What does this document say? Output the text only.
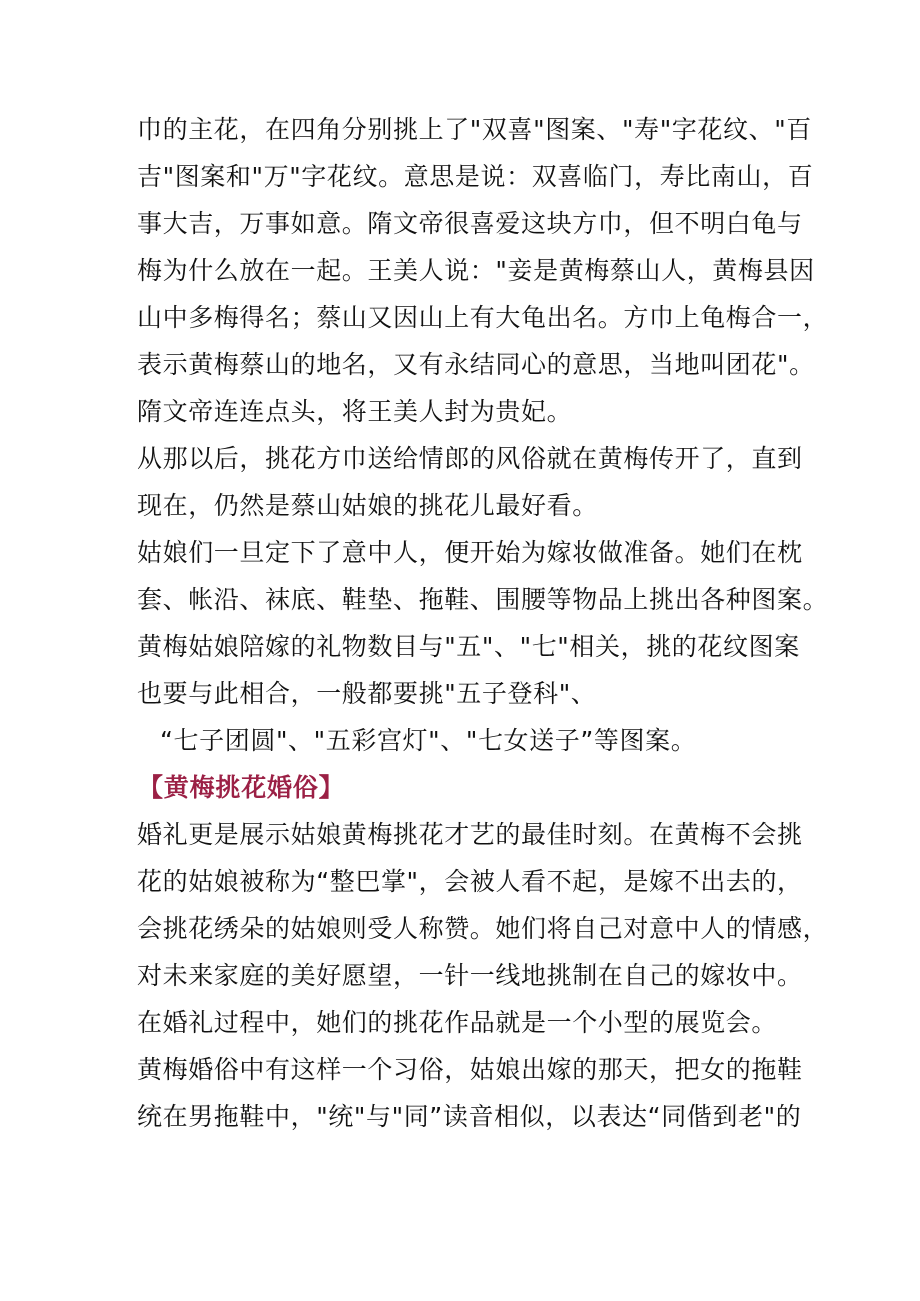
巾的主花，在四角分别挑上了"双喜"图案、"寿"字花纹、"百

吉"图案和"万"字花纹。意思是说：双喜临门，寿比南山，百

事大吉，万事如意。隋文帝很喜爱这块方巾，但不明白龟与

梅为什么放在一起。王美人说："妾是黄梅蔡山人，黄梅县因

山中多梅得名；蔡山又因山上有大龟出名。方巾上龟梅合一，

表示黄梅蔡山的地名，又有永结同心的意思，当地叫团花"。

隋文帝连连点头，将王美人封为贵妃。

从那以后，挑花方巾送给情郎的风俗就在黄梅传开了，直到

现在，仍然是蔡山姑娘的挑花儿最好看。

姑娘们一旦定下了意中人，便开始为嫁妆做准备。她们在枕

套、帐沿、袜底、鞋垫、拖鞋、围腰等物品上挑出各种图案。

黄梅姑娘陪嫁的礼物数目与"五"、"七"相关，挑的花纹图案

也要与此相合，一般都要挑"五子登科"、

“七子团圆"、"五彩宫灯"、"七女送子”等图案。

【黄梅挑花婚俗】

婚礼更是展示姑娘黄梅挑花才艺的最佳时刻。在黄梅不会挑

花的姑娘被称为“整巴掌"，会被人看不起，是嫁不出去的，

会挑花绣朵的姑娘则受人称赞。她们将自己对意中人的情感，

对未来家庭的美好愿望，一针一线地挑制在自己的嫁妆中。

在婚礼过程中，她们的挑花作品就是一个小型的展览会。

黄梅婚俗中有这样一个习俗，姑娘出嫁的那天，把女的拖鞋

统在男拖鞋中，"统"与"同”读音相似，以表达“同偕到老"的
